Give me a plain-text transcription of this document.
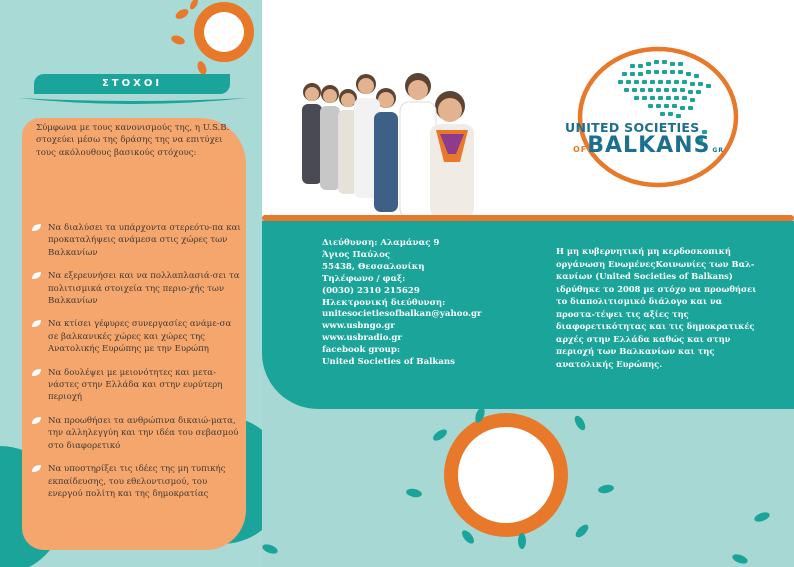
ΣΤΟΧΟΙ

Σύμφωνα με τους κανονισμούς της, η U.S.B. στοχεύει μέσω της δράσης της να επιτύχει τους ακόλουθους βασικούς στόχους:

Να διαλύσει τα υπάρχοντα στερεότυ-πα και προκαταλήψεις ανάμεσα στις χώρες των Βαλκανίων
Να εξερευνήσει και να πολλαπλασιά-σει τα πολιτισμικά στοιχεία της περιο-χής των Βαλκανίων
Να κτίσει γέφυρες συνεργασίες ανάμε-σα σε βαλκανικές χώρες και χώρες της Ανατολικής Ευρώπης με την Ευρώπη
Να δουλέψει με μειονότητες και μετα-νάστες στην Ελλάδα και στην ευρύτερη περιοχή
Να προωθήσει τα ανθρώπινα δικαιώ-ματα, την αλληλεγγύη και την ιδέα του σεβασμού στο διαφορετικό
Να υποστηρίξει τις ιδέες της μη τυπικής εκπαίδευσης, του εθελοντισμού, του ενεργού πολίτη και της δημοκρατίας
UNITED SOCIETIES
OFBALKANS GR
Διεύθυνση: Αλαμάνας 9
Άγιος Παύλος
55438, Θεσσαλονίκη
Τηλέφωνο / φαξ:
(0030) 2310 215629
Ηλεκτρονική διεύθυνση:
unitesocietiesofbalkan@yahoo.gr
www.usbngo.gr
www.usbradio.gr
facebook group:
United Societies of Balkans

Η μη κυβερνητική μη κερδοσκοπική οργάνωση ΕνωμένεςΚοινωνίες των Βαλ-κανίων (United Societies of Balkans) ιδρύθηκε το 2008 με στόχο να προωθήσει το διαπολιτισμικό διάλογο και να προστα-τέψει τις αξίες της διαφορετικότητας και τις δημοκρατικές αρχές στην Ελλάδα καθώς και στην περιοχή των Βαλκανίων και της ανατολικής Ευρώπης.
